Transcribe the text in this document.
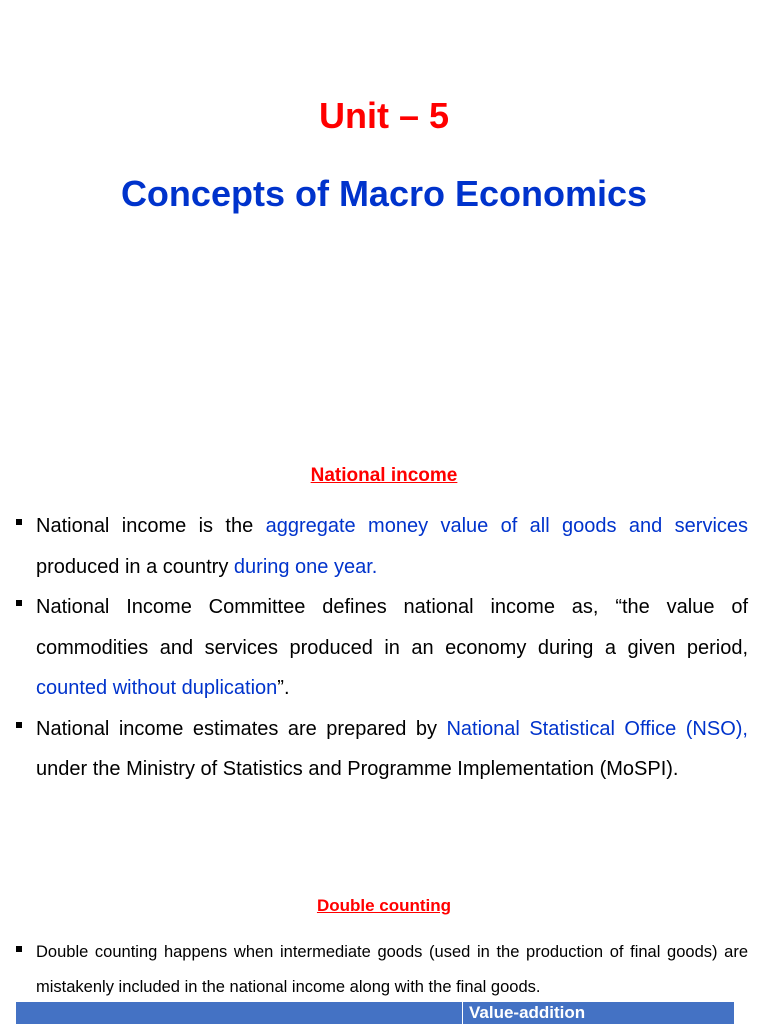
Unit – 5
Concepts of Macro Economics
National income
National income is the aggregate money value of all goods and services produced in a country during one year.
National Income Committee defines national income as, “the value of commodities and services produced in an economy during a given period, counted without duplication”.
National income estimates are prepared by National Statistical Office (NSO), under the Ministry of Statistics and Programme Implementation (MoSPI).
Double counting
Double counting happens when intermediate goods (used in the production of final goods) are mistakenly included in the national income along with the final goods.
Value-addition
